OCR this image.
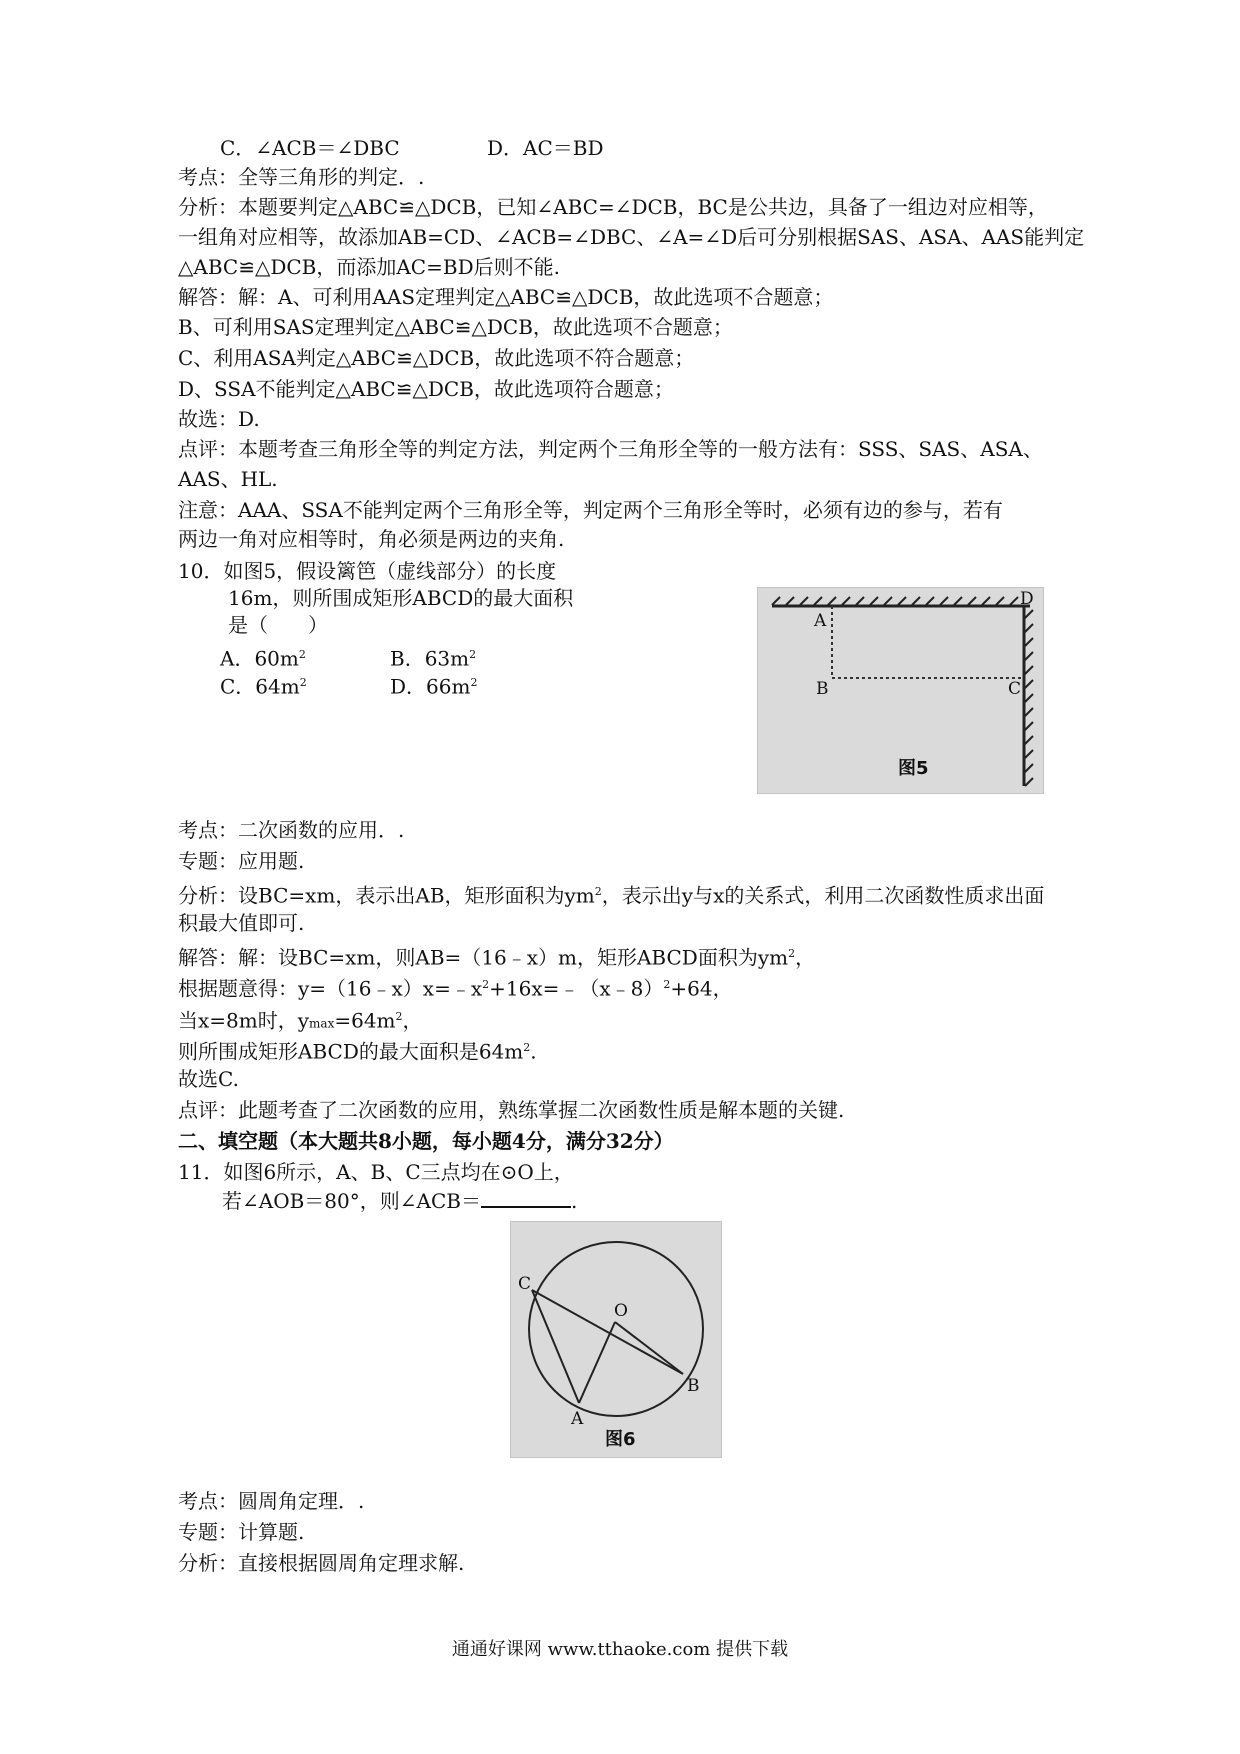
C．∠ACB＝∠DBC	D．AC＝BD
考点：全等三角形的判定．.
分析：本题要判定△ABC≌△DCB，已知∠ABC=∠DCB，BC是公共边，具备了一组边对应相等，
一组角对应相等，故添加AB=CD、∠ACB=∠DBC、∠A=∠D后可分别根据SAS、ASA、AAS能判定
△ABC≌△DCB，而添加AC=BD后则不能.
解答：解：A、可利用AAS定理判定△ABC≌△DCB，故此选项不合题意；
B、可利用SAS定理判定△ABC≌△DCB，故此选项不合题意；
C、利用ASA判定△ABC≌△DCB，故此选项不符合题意；
D、SSA不能判定△ABC≌△DCB，故此选项符合题意；
故选：D.
点评：本题考查三角形全等的判定方法，判定两个三角形全等的一般方法有：SSS、SAS、ASA、
AAS、HL.
注意：AAA、SSA不能判定两个三角形全等，判定两个三角形全等时，必须有边的参与，若有
两边一角对应相等时，角必须是两边的夹角.
10．如图5，假设篱笆（虚线部分）的长度
16m，则所围成矩形ABCD的最大面积
是（　　）
A．$60m^2$	B．$63m^2$
C．$64m^2$	D．$66m^2$
A
D
B	C
图5
考点：二次函数的应用．.
专题：应用题.
分析：设BC=xm，表示出AB，矩形面积为$ym^2$，表示出y与x的关系式，利用二次函数性质求出面
积最大值即可.
解答：解：设BC=xm，则AB=（16﹣x）m，矩形ABCD面积为$ym^2$，
根据题意得：$y=(16﹣x)x=﹣x^2+16x=﹣(x﹣8)^2+64$，
当x=8m时，$ymax=64m^2$，
则所围成矩形ABCD的最大面积是$64m^2$.
故选C.
点评：此题考查了二次函数的应用，熟练掌握二次函数性质是解本题的关键.
二、填空题（本大题共8小题，每小题4分，满分32分）
11．如图6所示，A、B、C三点均在⊙O上，
若∠AOB＝80°，则∠ACB＝	.
C
O
A
B
图6
考点：圆周角定理．.
专题：计算题.
分析：直接根据圆周角定理求解.
通通好课网 www.tthaoke.com 提供下载
